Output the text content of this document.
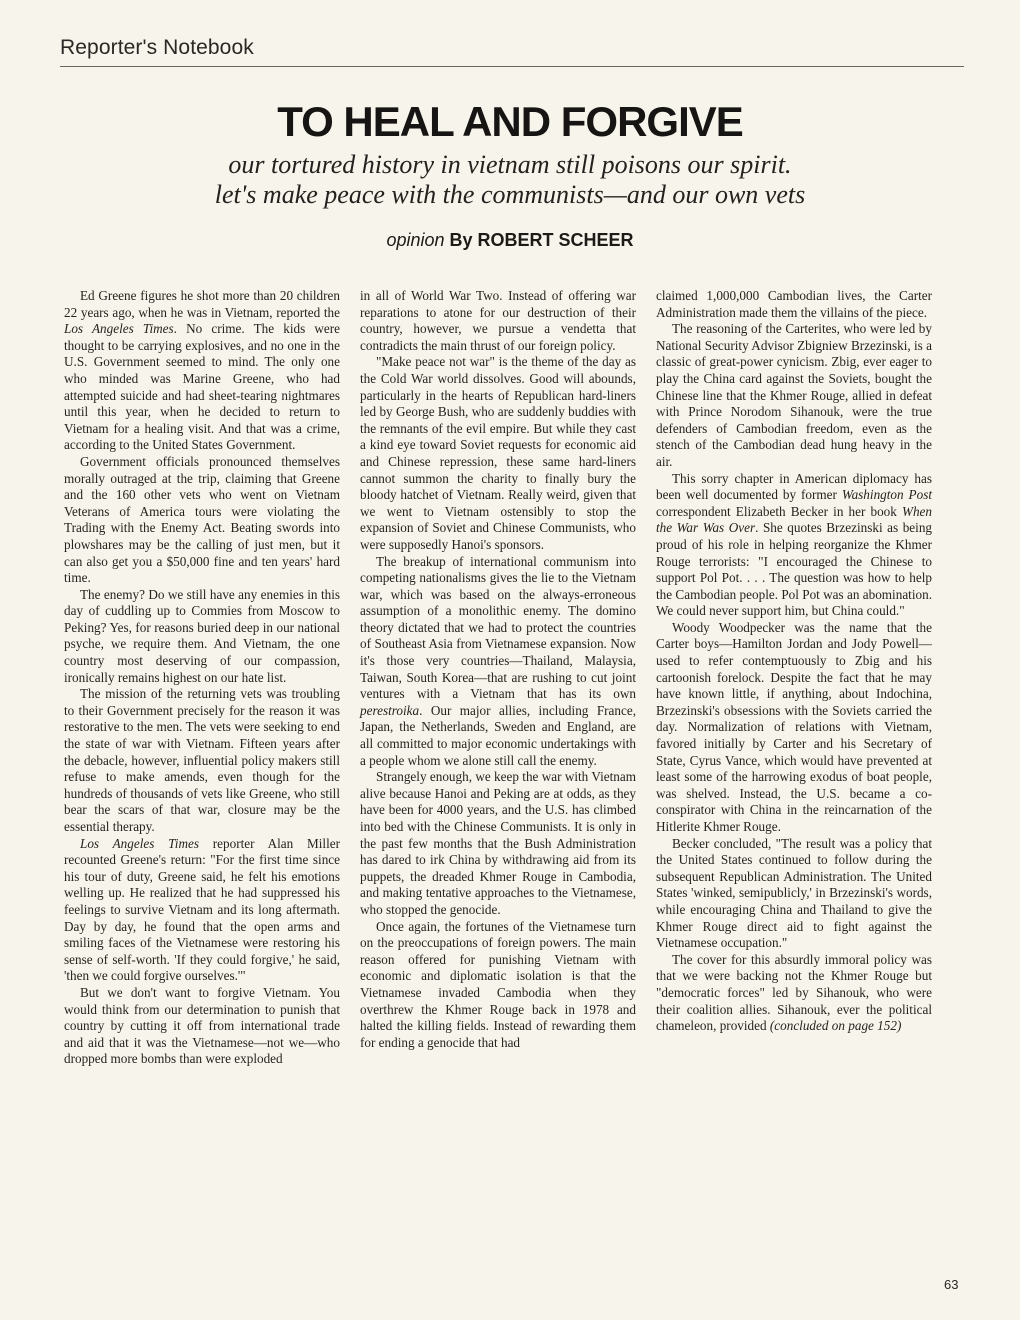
Reporter's Notebook
TO HEAL AND FORGIVE
our tortured history in vietnam still poisons our spirit.
let's make peace with the communists—and our own vets
opinion By ROBERT SCHEER

Ed Greene figures he shot more than 20 children 22 years ago, when he was in Vietnam, reported the Los Angeles Times. No crime. The kids were thought to be carrying explosives, and no one in the U.S. Government seemed to mind. The only one who minded was Marine Greene, who had attempted suicide and had sheet-tearing nightmares until this year, when he decided to return to Vietnam for a healing visit. And that was a crime, according to the United States Government.

Government officials pronounced themselves morally outraged at the trip, claiming that Greene and the 160 other vets who went on Vietnam Veterans of America tours were violating the Trading with the Enemy Act. Beating swords into plowshares may be the calling of just men, but it can also get you a $50,000 fine and ten years' hard time.

The enemy? Do we still have any enemies in this day of cuddling up to Commies from Moscow to Peking? Yes, for reasons buried deep in our national psyche, we require them. And Vietnam, the one country most deserving of our compassion, ironically remains highest on our hate list.

The mission of the returning vets was troubling to their Government precisely for the reason it was restorative to the men. The vets were seeking to end the state of war with Vietnam. Fifteen years after the debacle, however, influential policy makers still refuse to make amends, even though for the hundreds of thousands of vets like Greene, who still bear the scars of that war, closure may be the essential therapy.

Los Angeles Times reporter Alan Miller recounted Greene's return: "For the first time since his tour of duty, Greene said, he felt his emotions welling up. He realized that he had suppressed his feelings to survive Vietnam and its long aftermath. Day by day, he found that the open arms and smiling faces of the Vietnamese were restoring his sense of self-worth. 'If they could forgive,' he said, 'then we could forgive ourselves.'"

But we don't want to forgive Vietnam. You would think from our determination to punish that country by cutting it off from international trade and aid that it was the Vietnamese—not we—who dropped more bombs than were exploded

in all of World War Two. Instead of offering war reparations to atone for our destruction of their country, however, we pursue a vendetta that contradicts the main thrust of our foreign policy.

"Make peace not war" is the theme of the day as the Cold War world dissolves. Good will abounds, particularly in the hearts of Republican hard-liners led by George Bush, who are suddenly buddies with the remnants of the evil empire. But while they cast a kind eye toward Soviet requests for economic aid and Chinese repression, these same hard-liners cannot summon the charity to finally bury the bloody hatchet of Vietnam. Really weird, given that we went to Vietnam ostensibly to stop the expansion of Soviet and Chinese Communists, who were supposedly Hanoi's sponsors.

The breakup of international communism into competing nationalisms gives the lie to the Vietnam war, which was based on the always-erroneous assumption of a monolithic enemy. The domino theory dictated that we had to protect the countries of Southeast Asia from Vietnamese expansion. Now it's those very countries—Thailand, Malaysia, Taiwan, South Korea—that are rushing to cut joint ventures with a Vietnam that has its own perestroika. Our major allies, including France, Japan, the Netherlands, Sweden and England, are all committed to major economic undertakings with a people whom we alone still call the enemy.

Strangely enough, we keep the war with Vietnam alive because Hanoi and Peking are at odds, as they have been for 4000 years, and the U.S. has climbed into bed with the Chinese Communists. It is only in the past few months that the Bush Administration has dared to irk China by withdrawing aid from its puppets, the dreaded Khmer Rouge in Cambodia, and making tentative approaches to the Vietnamese, who stopped the genocide.

Once again, the fortunes of the Vietnamese turn on the preoccupations of foreign powers. The main reason offered for punishing Vietnam with economic and diplomatic isolation is that the Vietnamese invaded Cambodia when they overthrew the Khmer Rouge back in 1978 and halted the killing fields. Instead of rewarding them for ending a genocide that had

claimed 1,000,000 Cambodian lives, the Carter Administration made them the villains of the piece.

The reasoning of the Carterites, who were led by National Security Advisor Zbigniew Brzezinski, is a classic of great-power cynicism. Zbig, ever eager to play the China card against the Soviets, bought the Chinese line that the Khmer Rouge, allied in defeat with Prince Norodom Sihanouk, were the true defenders of Cambodian freedom, even as the stench of the Cambodian dead hung heavy in the air.

This sorry chapter in American diplomacy has been well documented by former Washington Post correspondent Elizabeth Becker in her book When the War Was Over. She quotes Brzezinski as being proud of his role in helping reorganize the Khmer Rouge terrorists: "I encouraged the Chinese to support Pol Pot. . . . The question was how to help the Cambodian people. Pol Pot was an abomination. We could never support him, but China could."

Woody Woodpecker was the name that the Carter boys—Hamilton Jordan and Jody Powell—used to refer contemptuously to Zbig and his cartoonish forelock. Despite the fact that he may have known little, if anything, about Indochina, Brzezinski's obsessions with the Soviets carried the day. Normalization of relations with Vietnam, favored initially by Carter and his Secretary of State, Cyrus Vance, which would have prevented at least some of the harrowing exodus of boat people, was shelved. Instead, the U.S. became a co-conspirator with China in the reincarnation of the Hitlerite Khmer Rouge.

Becker concluded, "The result was a policy that the United States continued to follow during the subsequent Republican Administration. The United States 'winked, semipublicly,' in Brzezinski's words, while encouraging China and Thailand to give the Khmer Rouge direct aid to fight against the Vietnamese occupation."

The cover for this absurdly immoral policy was that we were backing not the Khmer Rouge but "democratic forces" led by Sihanouk, who were their coalition allies. Sihanouk, ever the political chameleon, provided (concluded on page 152)

63
